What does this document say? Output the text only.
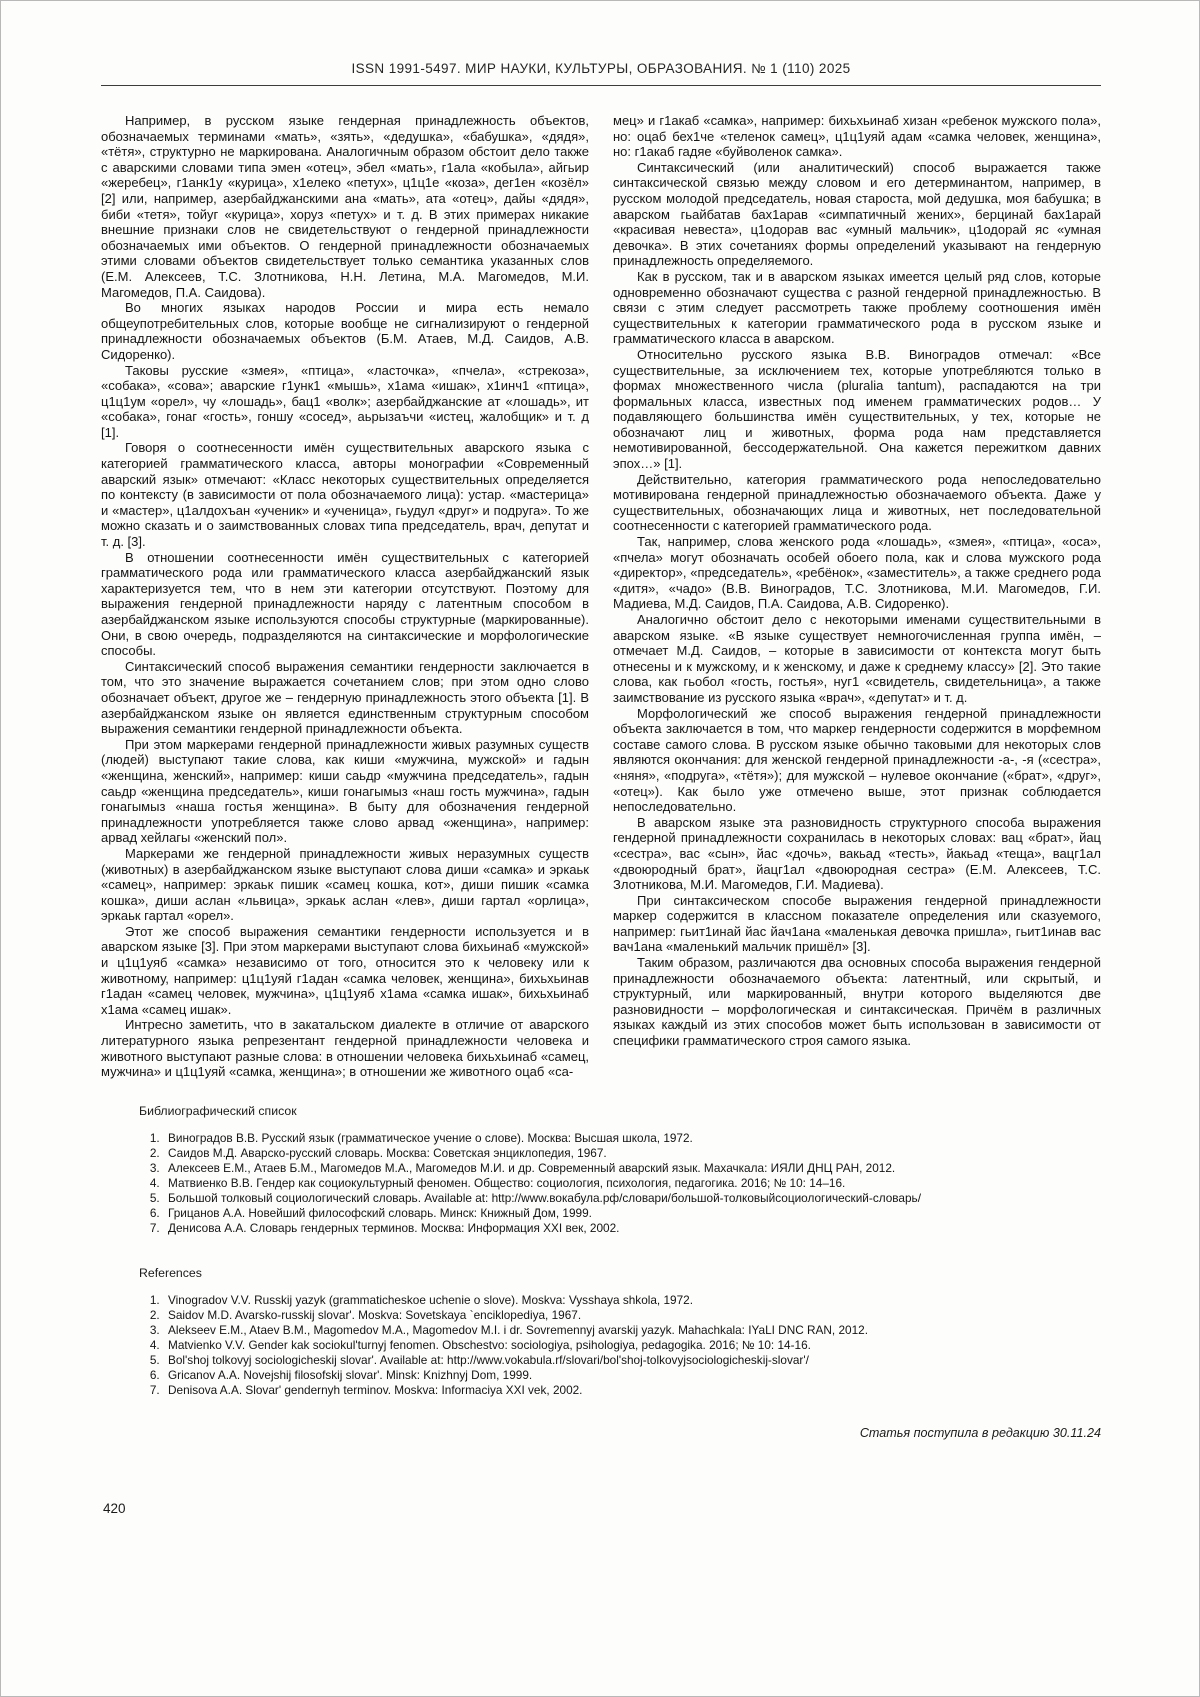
ISSN 1991-5497. МИР НАУКИ, КУЛЬТУРЫ, ОБРАЗОВАНИЯ. № 1 (110) 2025

Например, в русском языке гендерная принадлежность объектов, обозначаемых терминами «мать», «зять», «дедушка», «бабушка», «дядя», «тётя», структурно не маркирована. Аналогичным образом обстоит дело также с аварскими словами типа эмен «отец», эбел «мать», г1ала «кобыла», айгьир «жеребец», г1анк1у «курица», х1елеко «петух», ц1ц1е «коза», дег1ен «козёл» [2] или, например, азербайджанскими ана «мать», ата «отец», дайы «дядя», биби «тетя», тойуг «курица», хоруз «петух» и т. д. В этих примерах никакие внешние признаки слов не свидетельствуют о гендерной принадлежности обозначаемых ими объектов. О гендерной принадлежности обозначаемых этими словами объектов свидетельствует только семантика указанных слов (Е.М. Алексеев, Т.С. Злотникова, Н.Н. Летина, М.А. Магомедов, М.И. Магомедов, П.А. Саидова).

Во многих языках народов России и мира есть немало общеупотребительных слов, которые вообще не сигнализируют о гендерной принадлежности обозначаемых объектов (Б.М. Атаев, М.Д. Саидов, А.В. Сидоренко).

Таковы русские «змея», «птица», «ласточка», «пчела», «стрекоза», «собака», «сова»; аварские г1унк1 «мышь», х1ама «ишак», х1инч1 «птица», ц1ц1ум «орел», чу «лошадь», бац1 «волк»; азербайджанские ат «лошадь», ит «собака», гонаг «гость», гоншу «сосед», аьрызаъчи «истец, жалобщик» и т. д [1].

Говоря о соотнесенности имён существительных аварского языка с категорией грамматического класса, авторы монографии «Современный аварский язык» отмечают: «Класс некоторых существительных определяется по контексту (в зависимости от пола обозначаемого лица): устар. «мастерица» и «мастер», ц1алдохъан «ученик» и «ученица», гьудул «друг» и подруга». То же можно сказать и о заимствованных словах типа председатель, врач, депутат и т. д. [3].

В отношении соотнесенности имён существительных с категорией грамматического рода или грамматического класса азербайджанский язык характеризуется тем, что в нем эти категории отсутствуют. Поэтому для выражения гендерной принадлежности наряду с латентным способом в азербайджанском языке используются способы структурные (маркированные). Они, в свою очередь, подразделяются на синтаксические и морфологические способы.

Синтаксический способ выражения семантики гендерности заключается в том, что это значение выражается сочетанием слов; при этом одно слово обозначает объект, другое же – гендерную принадлежность этого объекта [1]. В азербайджанском языке он является единственным структурным способом выражения семантики гендерной принадлежности объекта.

При этом маркерами гендерной принадлежности живых разумных существ (людей) выступают такие слова, как киши «мужчина, мужской» и гадын «женщина, женский», например: киши саьдр «мужчина председатель», гадын саьдр «женщина председатель», киши гонагымыз «наш гость мужчина», гадын гонагымыз «наша гостья женщина». В быту для обозначения гендерной принадлежности употребляется также слово арвад «женщина», например: арвад хейлагы «женский пол».

Маркерами же гендерной принадлежности живых неразумных существ (животных) в азербайджанском языке выступают слова диши «самка» и эркаьк «самец», например: эркаьк пишик «самец кошка, кот», диши пишик «самка кошка», диши аслан «львица», эркаьк аслан «лев», диши гартал «орлица», эркаьк гартал «орел».

Этот же способ выражения семантики гендерности используется и в аварском языке [3]. При этом маркерами выступают слова бихьинаб «мужской» и ц1ц1уяб «самка» независимо от того, относится это к человеку или к животному, например: ц1ц1уяй г1адан «самка человек, женщина», бихьхьинав г1адан «самец человек, мужчина», ц1ц1уяб х1ама «самка ишак», бихьхьинаб х1ама «самец ишак».

Интресно заметить, что в закатальском диалекте в отличие от аварского литературного языка репрезентант гендерной принадлежности человека и животного выступают разные слова: в отношении человека бихьхьинаб «самец, мужчина» и ц1ц1уяй «самка, женщина»; в отношении же животного оцаб «са-

мец» и г1акаб «самка», например: бихьхьинаб хизан «ребенок мужского пола», но: оцаб бех1че «теленок самец», ц1ц1уяй адам «самка человек, женщина», но: г1акаб гадяе «буйволенок самка».

Синтаксический (или аналитический) способ выражается также синтаксической связью между словом и его детерминантом, например, в русском молодой председатель, новая староста, мой дедушка, моя бабушка; в аварском гьайбатав бах1арав «симпатичный жених», берцинай бах1арай «красивая невеста», ц1одорав вас «умный мальчик», ц1одорай яс «умная девочка». В этих сочетаниях формы определений указывают на гендерную принадлежность определяемого.

Как в русском, так и в аварском языках имеется целый ряд слов, которые одновременно обозначают существа с разной гендерной принадлежностью. В связи с этим следует рассмотреть также проблему соотношения имён существительных к категории грамматического рода в русском языке и грамматического класса в аварском.

Относительно русского языка В.В. Виноградов отмечал: «Все существительные, за исключением тех, которые употребляются только в формах множественного числа (pluralia tantum), распадаются на три формальных класса, известных под именем грамматических родов… У подавляющего большинства имён существительных, у тех, которые не обозначают лиц и животных, форма рода нам представляется немотивированной, бессодержательной. Она кажется пережитком давних эпох…» [1].

Действительно, категория грамматического рода непоследовательно мотивирована гендерной принадлежностью обозначаемого объекта. Даже у существительных, обозначающих лица и животных, нет последовательной соотнесенности с категорией грамматического рода.

Так, например, слова женского рода «лошадь», «змея», «птица», «оса», «пчела» могут обозначать особей обоего пола, как и слова мужского рода «директор», «председатель», «ребёнок», «заместитель», а также среднего рода «дитя», «чадо» (В.В. Виноградов, Т.С. Злотникова, М.И. Магомедов, Г.И. Мадиева, М.Д. Саидов, П.А. Саидова, А.В. Сидоренко).

Аналогично обстоит дело с некоторыми именами существительными в аварском языке. «В языке существует немногочисленная группа имён, – отмечает М.Д. Саидов, – которые в зависимости от контекста могут быть отнесены и к мужскому, и к женскому, и даже к среднему классу» [2]. Это такие слова, как гьобол «гость, гостья», нуг1 «свидетель, свидетельница», а также заимствование из русского языка «врач», «депутат» и т. д.

Морфологический же способ выражения гендерной принадлежности объекта заключается в том, что маркер гендерности содержится в морфемном составе самого слова. В русском языке обычно таковыми для некоторых слов являются окончания: для женской гендерной принадлежности -а-, -я («сестра», «няня», «подруга», «тётя»); для мужской – нулевое окончание («брат», «друг», «отец»). Как было уже отмечено выше, этот признак соблюдается непоследовательно.

В аварском языке эта разновидность структурного способа выражения гендерной принадлежности сохранилась в некоторых словах: вац «брат», йац «сестра», вас «сын», йас «дочь», вакьад «тесть», йакьад «теща», вацг1ал «двоюродный брат», йацг1ал «двоюродная сестра» (Е.М. Алексеев, Т.С. Злотникова, М.И. Магомедов, Г.И. Мадиева).

При синтаксическом способе выражения гендерной принадлежности маркер содержится в классном показателе определения или сказуемого, например: гьит1инай йас йач1ана «маленькая девочка пришла», гьит1инав вас вач1ана «маленький мальчик пришёл» [3].

Таким образом, различаются два основных способа выражения гендерной принадлежности обозначаемого объекта: латентный, или скрытый, и структурный, или маркированный, внутри которого выделяются две разновидности – морфологическая и синтаксическая. Причём в различных языках каждый из этих способов может быть использован в зависимости от специфики грамматического строя самого языка.

Библиографический список
1. Виноградов В.В. Русский язык (грамматическое учение о слове). Москва: Высшая школа, 1972.
2. Саидов М.Д. Аварско-русский словарь. Москва: Советская энциклопедия, 1967.
3. Алексеев Е.М., Атаев Б.М., Магомедов М.А., Магомедов М.И. и др. Современный аварский язык. Махачкала: ИЯЛИ ДНЦ РАН, 2012.
4. Матвиенко В.В. Гендер как социокультурный феномен. Общество: социология, психология, педагогика. 2016; № 10: 14–16.
5. Большой толковый социологический словарь. Available at: http://www.вокабула.рф/словари/большой-толковыйсоциологический-словарь/
6. Грицанов А.А. Новейший философский словарь. Минск: Книжный Дом, 1999.
7. Денисова А.А. Словарь гендерных терминов. Москва: Информация XXI век, 2002.
References
1. Vinogradov V.V. Russkij yazyk (grammaticheskoe uchenie o slove). Moskva: Vysshaya shkola, 1972.
2. Saidov M.D. Avarsko-russkij slovar'. Moskva: Sovetskaya `enciklopediya, 1967.
3. Alekseev E.M., Ataev B.M., Magomedov M.A., Magomedov M.I. i dr. Sovremennyj avarskij yazyk. Mahachkala: IYaLI DNC RAN, 2012.
4. Matvienko V.V. Gender kak sociokul'turnyj fenomen. Obschestvo: sociologiya, psihologiya, pedagogika. 2016; № 10: 14-16.
5. Bol'shoj tolkovyj sociologicheskij slovar'. Available at: http://www.vokabula.rf/slovari/bol'shoj-tolkovyjsociologicheskij-slovar'/
6. Gricanov A.A. Novejshij filosofskij slovar'. Minsk: Knizhnyj Dom, 1999.
7. Denisova A.A. Slovar' gendernyh terminov. Moskva: Informaciya XXI vek, 2002.
Статья поступила в редакцию 30.11.24
420
